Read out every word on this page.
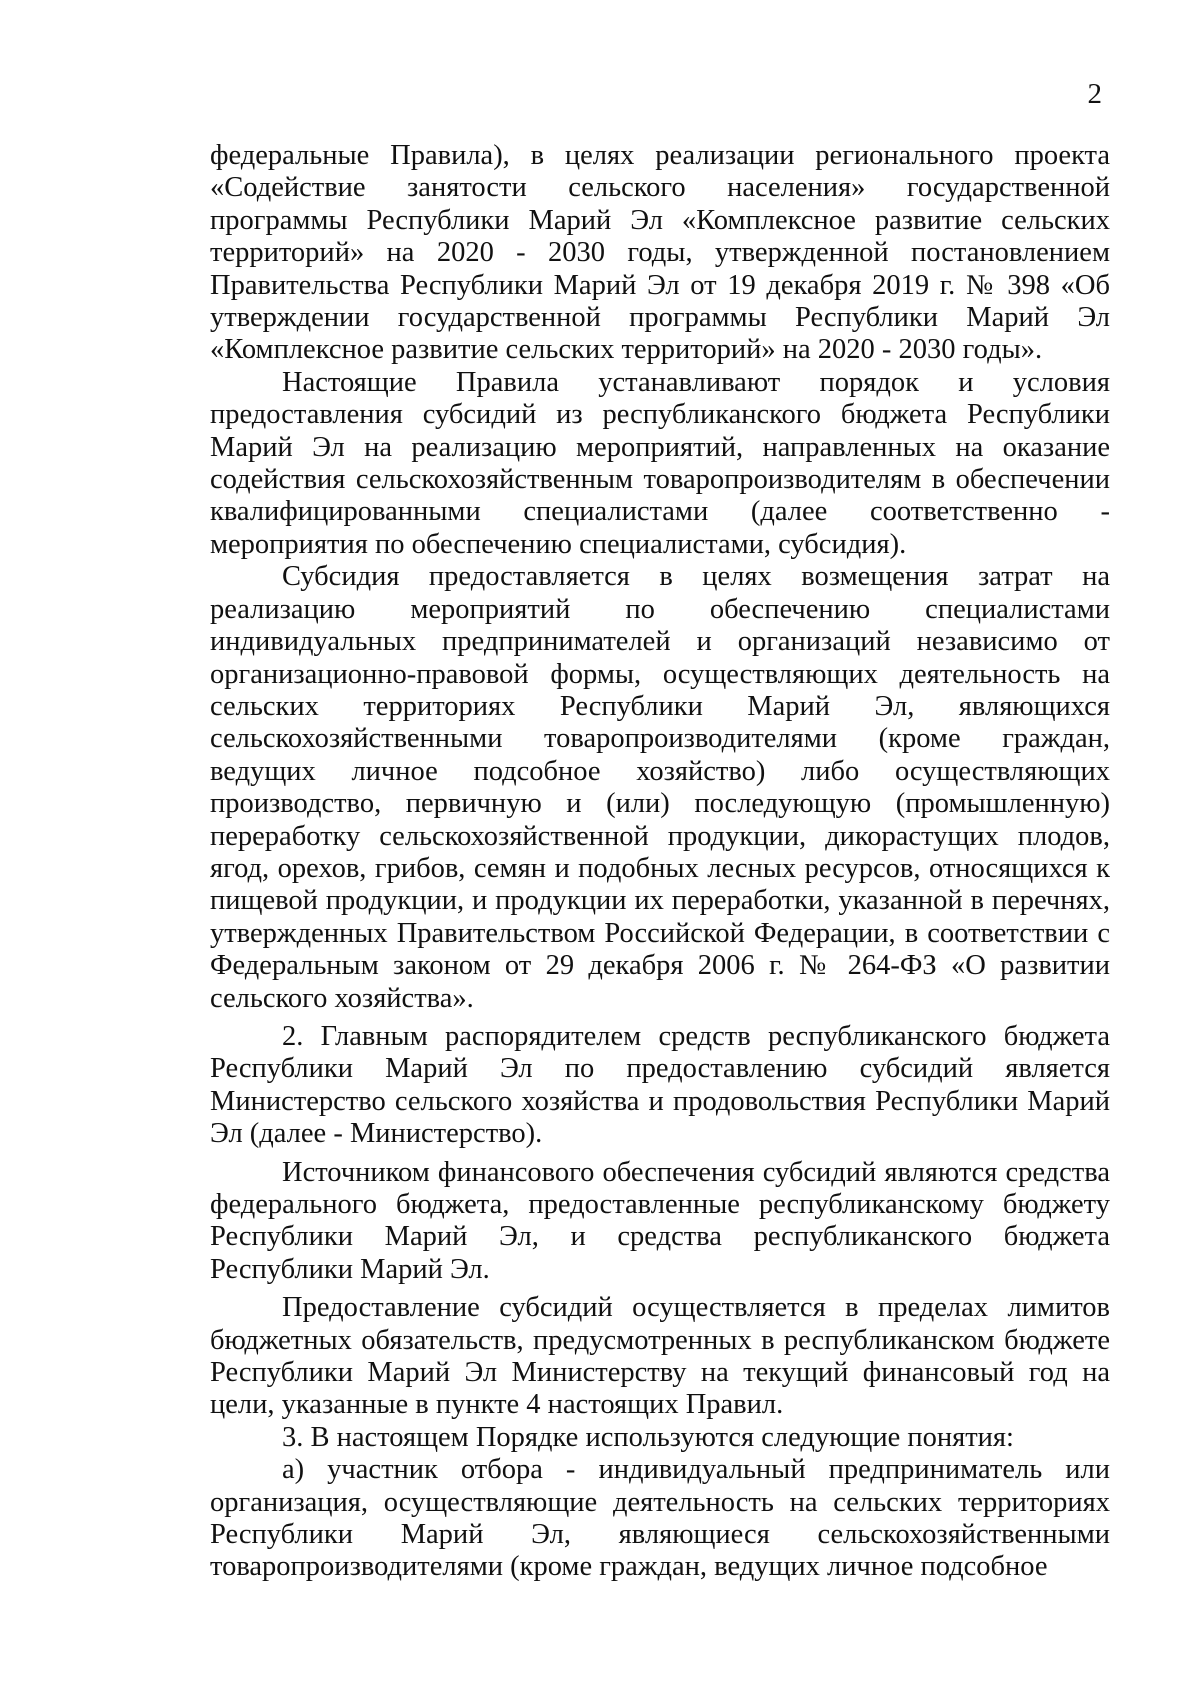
2

федеральные Правила), в целях реализации регионального проекта «Содействие занятости сельского населения» государственной программы Республики Марий Эл «Комплексное развитие сельских территорий» на 2020 - 2030 годы, утвержденной постановлением Правительства Республики Марий Эл от 19 декабря 2019 г. № 398 «Об утверждении государственной программы Республики Марий Эл «Комплексное развитие сельских территорий» на 2020 - 2030 годы».

Настоящие Правила устанавливают порядок и условия предоставления субсидий из республиканского бюджета Республики Марий Эл на реализацию мероприятий, направленных на оказание содействия сельскохозяйственным товаропроизводителям в обеспечении квалифицированными специалистами (далее соответственно - мероприятия по обеспечению специалистами, субсидия).

Субсидия предоставляется в целях возмещения затрат на реализацию мероприятий по обеспечению специалистами индивидуальных предпринимателей и организаций независимо от организационно-правовой формы, осуществляющих деятельность на сельских территориях Республики Марий Эл, являющихся сельскохозяйственными товаропроизводителями (кроме граждан, ведущих личное подсобное хозяйство) либо осуществляющих производство, первичную и (или) последующую (промышленную) переработку сельскохозяйственной продукции, дикорастущих плодов, ягод, орехов, грибов, семян и подобных лесных ресурсов, относящихся к пищевой продукции, и продукции их переработки, указанной в перечнях, утвержденных Правительством Российской Федерации, в соответствии с Федеральным законом от 29 декабря 2006 г. № 264-ФЗ «О развитии сельского хозяйства».

2. Главным распорядителем средств республиканского бюджета Республики Марий Эл по предоставлению субсидий является Министерство сельского хозяйства и продовольствия Республики Марий Эл (далее - Министерство).

Источником финансового обеспечения субсидий являются средства федерального бюджета, предоставленные республиканскому бюджету Республики Марий Эл, и средства республиканского бюджета Республики Марий Эл.

Предоставление субсидий осуществляется в пределах лимитов бюджетных обязательств, предусмотренных в республиканском бюджете Республики Марий Эл Министерству на текущий финансовый год на цели, указанные в пункте 4 настоящих Правил.

3. В настоящем Порядке используются следующие понятия:

а) участник отбора - индивидуальный предприниматель или организация, осуществляющие деятельность на сельских территориях Республики Марий Эл, являющиеся сельскохозяйственными товаропроизводителями (кроме граждан, ведущих личное подсобное
